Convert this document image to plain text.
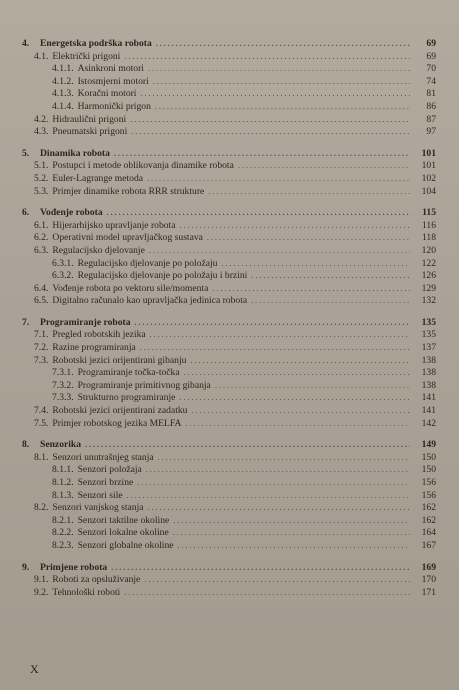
4.	Energetska podrška robota . . .	69
4.1. Električki prigoni . . .	69
4.1.1. Asinkroni motori . . .	70
4.1.2. Istosmjerni motori . . .	74
4.1.3. Koračni motori . . .	81
4.1.4. Harmonički prigon . . .	86
4.2. Hidraulični prigoni . . .	87
4.3. Pneumatski prigoni . . .	97
5.	Dinamika robota . . .	101
5.1. Postupci i metode oblikovanja dinamike robota . . .	101
5.2. Euler-Lagrange metoda . . .	102
5.3. Primjer dinamike robota RRR strukture . . .	104
6.	Vođenje robota . . .	115
6.1. Hijerarhijsko upravljanje robota . . .	116
6.2. Operativni model upravljačkog sustava . . .	118
6.3. Regulacijsko djelovanje . . .	120
6.3.1. Regulacijsko djelovanje po položaju . . .	122
6.3.2. Regulacijsko djelovanje po položaju i brzini . . .	126
6.4. Vođenje robota po vektoru sile/momenta . . .	129
6.5. Digitalno računalo kao upravljačka jedinica robota . . .	132
7.	Programiranje robota . . .	135
7.1. Pregled robotskih jezika . . .	135
7.2. Razine programiranja . . .	137
7.3. Robotski jezici orijentirani gibanju . . .	138
7.3.1. Programiranje točka-točka . . .	138
7.3.2. Programiranje primitivnog gibanja . . .	138
7.3.3. Strukturno programiranje . . .	141
7.4. Robotski jezici orijentirani zadatku . . .	141
7.5. Primjer robotskog jezika MELFA . . .	142
8.	Senzorika . . .	149
8.1. Senzori unutrašnjeg stanja . . .	150
8.1.1. Senzori položaja . . .	150
8.1.2. Senzori brzine . . .	156
8.1.3. Senzori sile . . .	156
8.2. Senzori vanjskog stanja . . .	162
8.2.1. Senzori taktilne okoline . . .	162
8.2.2. Senzori lokalne okoline . . .	164
8.2.3. Senzori globalne okoline . . .	167
9.	Primjene robota . . .	169
9.1. Roboti za opsluživanje . . .	170
9.2. Tehnološki roboti . . .	171
X
